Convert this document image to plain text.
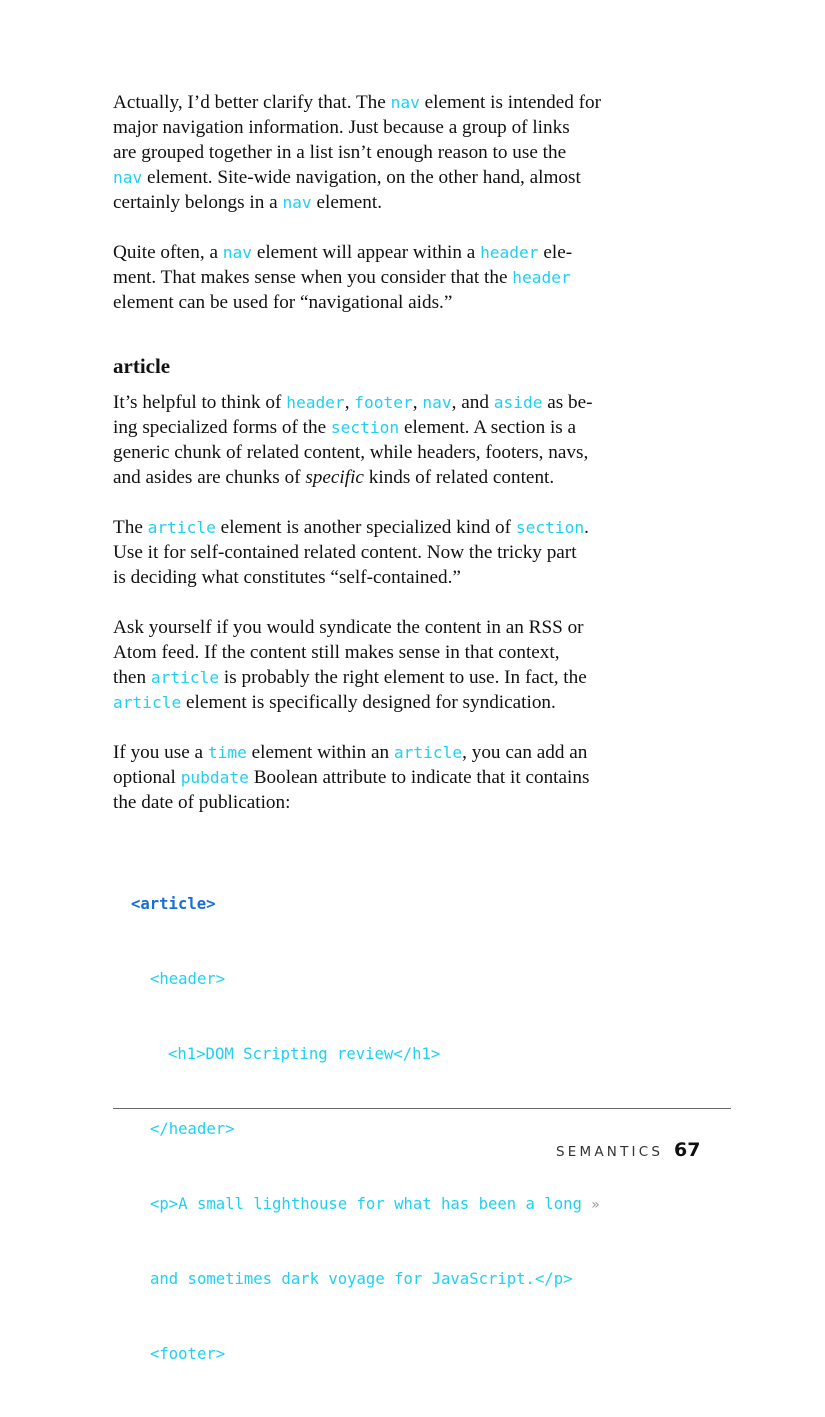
Actually, I’d better clarify that. The nav element is intended for
major navigation information. Just because a group of links
are grouped together in a list isn’t enough reason to use the
nav element. Site-wide navigation, on the other hand, almost
certainly belongs in a nav element.
Quite often, a nav element will appear within a header ele-
ment. That makes sense when you consider that the header
element can be used for “navigational aids.”
article
It’s helpful to think of header, footer, nav, and aside as be-
ing specialized forms of the section element. A section is a
generic chunk of related content, while headers, footers, navs,
and asides are chunks of specific kinds of related content.
The article element is another specialized kind of section.
Use it for self-contained related content. Now the tricky part
is deciding what constitutes “self-contained.”
Ask yourself if you would syndicate the content in an RSS or
Atom feed. If the content still makes sense in that context,
then article is probably the right element to use. In fact, the
article element is specifically designed for syndication.
If you use a time element within an article, you can add an
optional pubdate Boolean attribute to indicate that it contains
the date of publication:

<article>

<header>

<h1>DOM Scripting review</h1>

</header>

<p>A small lighthouse for what has been a long »

and sometimes dark voyage for JavaScript.</p>

<footer>

SEMANTICS 67
